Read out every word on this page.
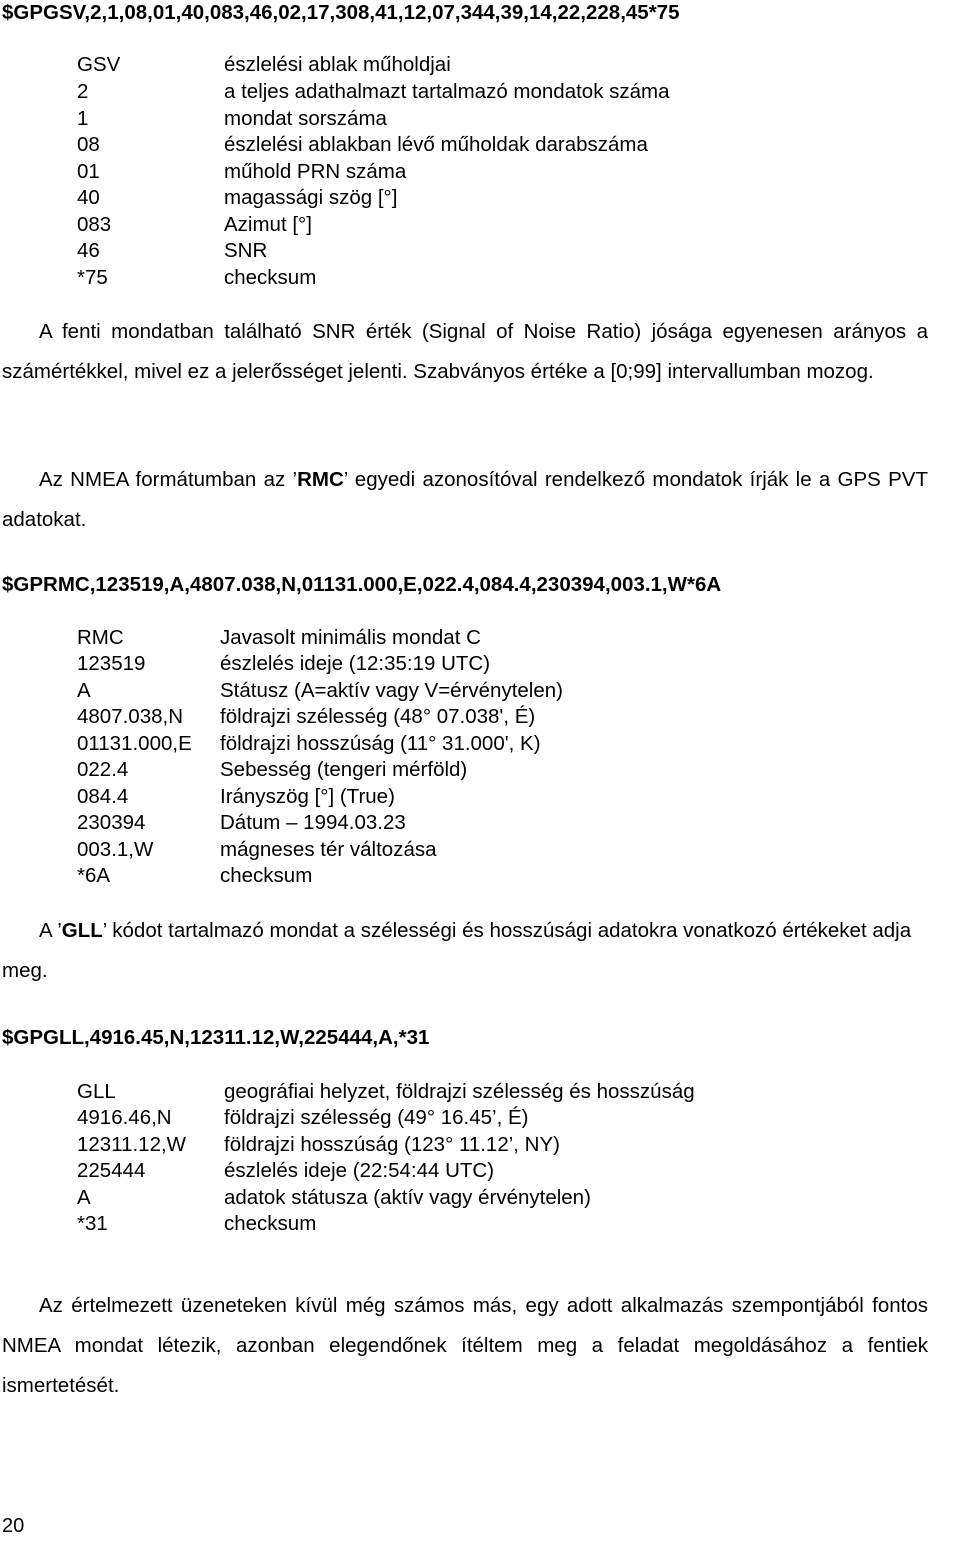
$GPGSV,2,1,08,01,40,083,46,02,17,308,41,12,07,344,39,14,22,228,45*75
GSV	észlelési ablak műholdjai
2	a teljes adathalmazt tartalmazó mondatok száma
1	mondat sorszáma
08	észlelési ablakban lévő műholdak darabszáma
01	műhold PRN száma
40	magassági szög [°]
083	Azimut [°]
46	SNR
*75	checksum

A fenti mondatban található SNR érték (Signal of Noise Ratio) jósága egyenesen arányos a számértékkel, mivel ez a jelerősséget jelenti. Szabványos értéke a [0;99] intervallumban mozog.

Az NMEA formátumban az ’RMC’ egyedi azonosítóval rendelkező mondatok írják le a GPS PVT adatokat.

$GPRMC,123519,A,4807.038,N,01131.000,E,022.4,084.4,230394,003.1,W*6A
RMC	Javasolt minimális mondat C
123519	észlelés ideje (12:35:19 UTC)
A	Státusz (A=aktív vagy V=érvénytelen)
4807.038,N földrajzi szélesség (48° 07.038', É)
01131.000,E földrajzi hosszúság (11° 31.000', K)
022.4	Sebesség (tengeri mérföld)
084.4	Irányszög [°] (True)
230394	Dátum – 1994.03.23
003.1,W	mágneses tér változása
*6A	checksum

A ’GLL’ kódot tartalmazó mondat a szélességi és hosszúsági adatokra vonatkozó értékeket adja meg.

$GPGLL,4916.45,N,12311.12,W,225444,A,*31
GLL	geográfiai helyzet, földrajzi szélesség és hosszúság
4916.46,N	földrajzi szélesség (49° 16.45’, É)
12311.12,W földrajzi hosszúság (123° 11.12’, NY)
225444	észlelés ideje (22:54:44 UTC)
A	adatok státusza (aktív vagy érvénytelen)
*31	checksum

Az értelmezett üzeneteken kívül még számos más, egy adott alkalmazás szempontjából fontos NMEA mondat létezik, azonban elegendőnek ítéltem meg a feladat megoldásához a fentiek ismertetését.

20
